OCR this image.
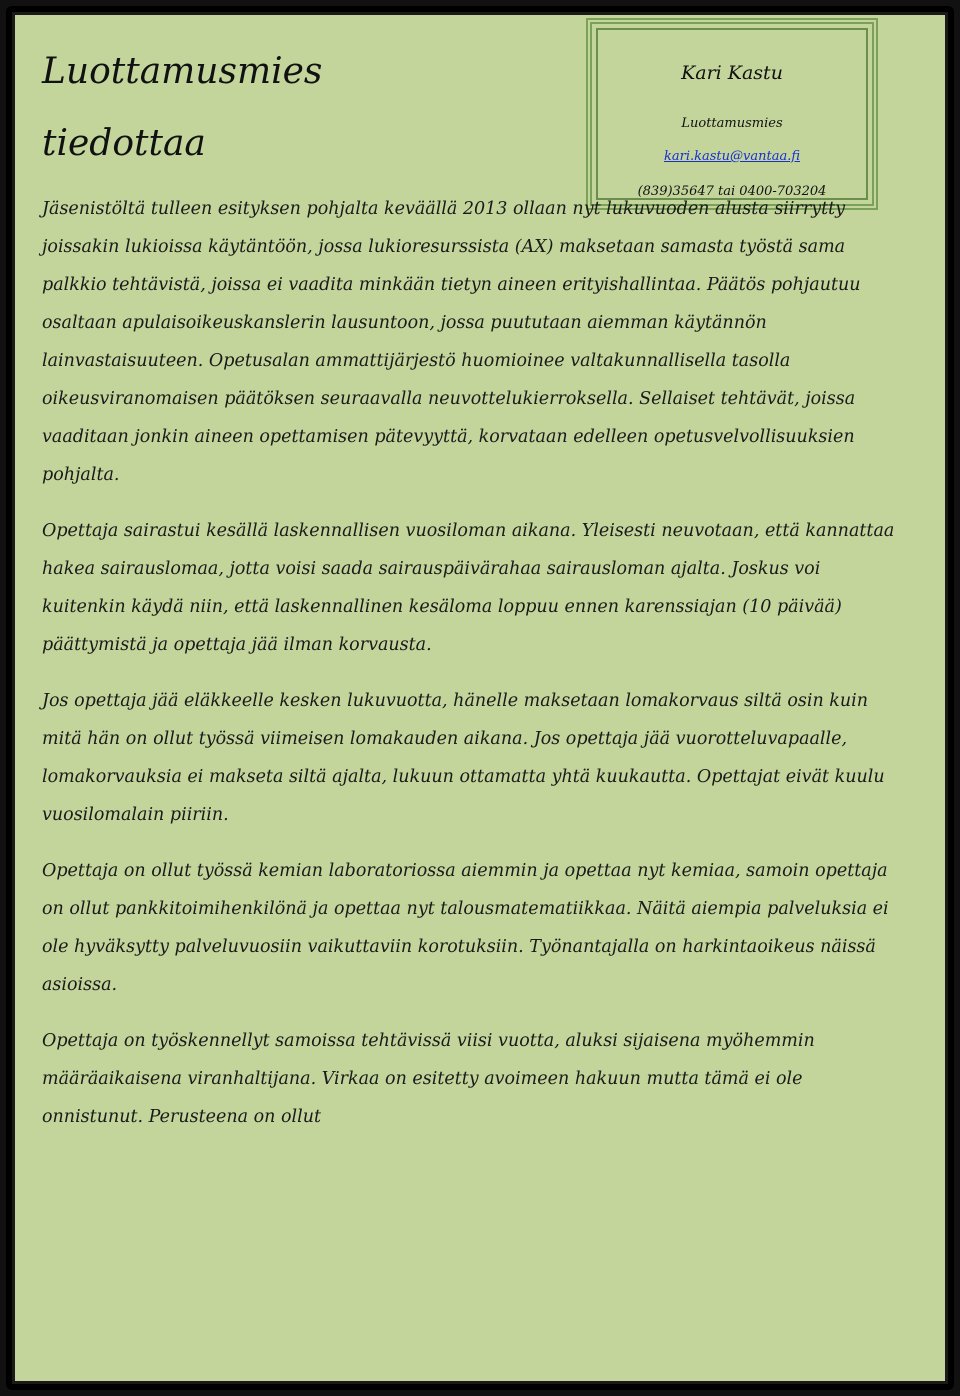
Luottamusmies
tiedottaa
Kari Kastu
Luottamusmies
kari.kastu@vantaa.fi
(839)35647 tai 0400-703204

Jäsenistöltä tulleen esityksen pohjalta keväällä 2013 ollaan nyt lukuvuoden alusta siirrytty joissakin lukioissa käytäntöön, jossa lukioresurssista (AX) maksetaan samasta työstä sama palkkio tehtävistä, joissa ei vaadita minkään tietyn aineen erityishallintaa. Päätös pohjautuu osaltaan apulaisoikeuskanslerin lausuntoon, jossa puututaan aiemman käytännön lainvastaisuuteen. Opetusalan ammattijärjestö huomioinee valtakunnallisella tasolla oikeusviranomaisen päätöksen seuraavalla neuvottelukierroksella. Sellaiset tehtävät, joissa vaaditaan jonkin aineen opettamisen pätevyyttä, korvataan edelleen opetusvelvollisuuksien pohjalta.

Opettaja sairastui kesällä laskennallisen vuosiloman aikana. Yleisesti neuvotaan, että kannattaa hakea sairauslomaa, jotta voisi saada sairauspäivärahaa sairausloman ajalta. Joskus voi kuitenkin käydä niin, että laskennallinen kesäloma loppuu ennen karenssiajan (10 päivää) päättymistä ja opettaja jää ilman korvausta.

Jos opettaja jää eläkkeelle kesken lukuvuotta, hänelle maksetaan lomakorvaus siltä osin kuin mitä hän on ollut työssä viimeisen lomakauden aikana. Jos opettaja jää vuorotteluvapaalle, lomakorvauksia ei makseta siltä ajalta, lukuun ottamatta yhtä kuukautta. Opettajat eivät kuulu vuosilomalain piiriin.

Opettaja on ollut työssä kemian laboratoriossa aiemmin ja opettaa nyt kemiaa, samoin opettaja on ollut pankkitoimihenkilönä ja opettaa nyt talousmatematiikkaa. Näitä aiempia palveluksia ei ole hyväksytty palveluvuosiin vaikuttaviin korotuksiin. Työnantajalla on harkintaoikeus näissä asioissa.

Opettaja on työskennellyt samoissa tehtävissä viisi vuotta, aluksi sijaisena myöhemmin määräaikaisena viranhaltijana. Virkaa on esitetty avoimeen hakuun mutta tämä ei ole onnistunut. Perusteena on ollut
